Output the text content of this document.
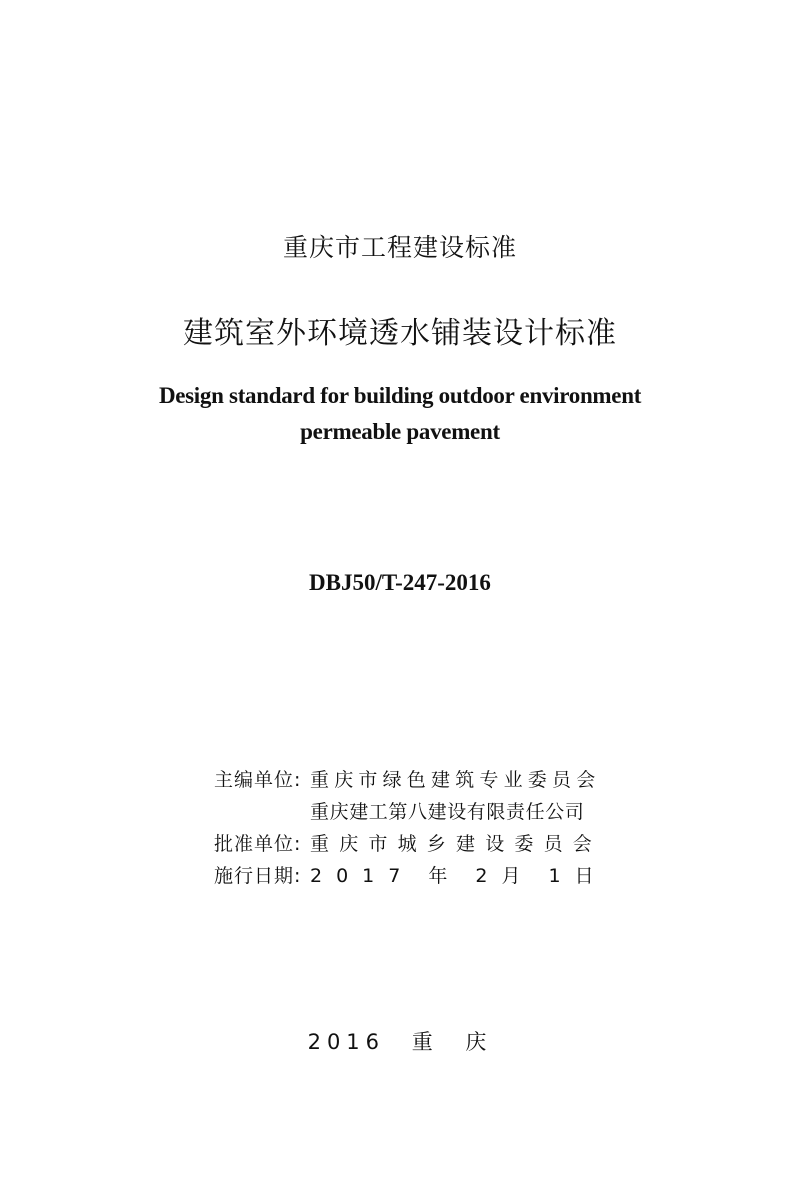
重庆市工程建设标准
建筑室外环境透水铺装设计标准
Design standard for building outdoor environment
permeable pavement
DBJ50/T-247-2016
主编单位: 重庆市绿色建筑专业委员会
重庆建工第八建设有限责任公司
批准单位: 重庆市城乡建设委员会
施行日期: 2017 年 2 月 1 日
2016 重 庆
